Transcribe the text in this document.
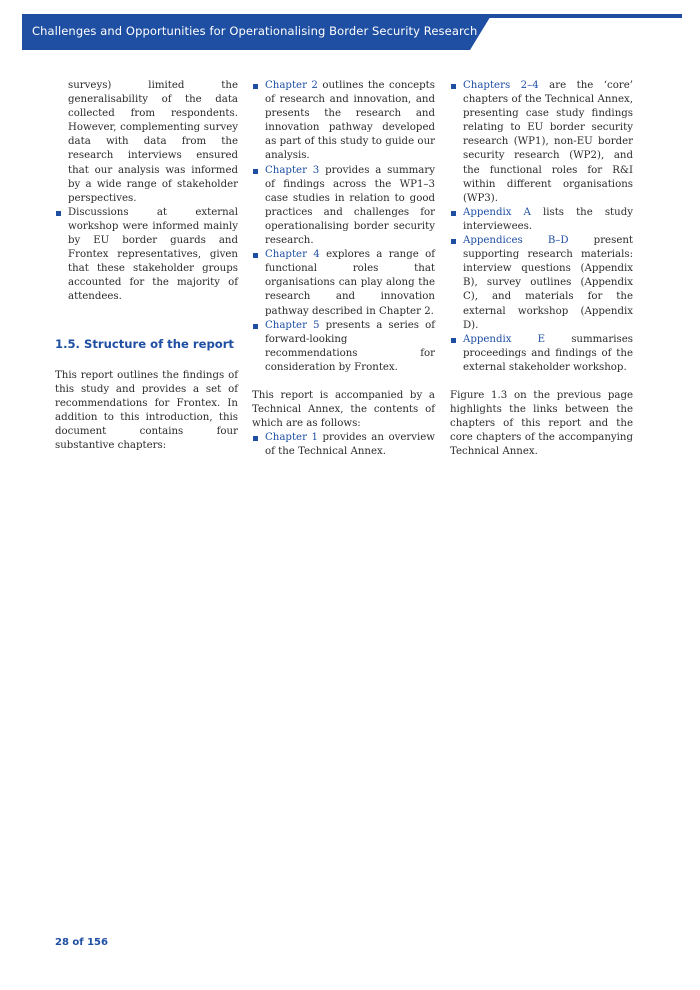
Challenges and Opportunities for Operationalising Border Security Research

surveys) limited the generalisability of the data collected from respondents. However, complementing survey data with data from the research interviews ensured that our analysis was informed by a wide range of stakeholder perspectives.

Discussions at external workshop were informed mainly by EU border guards and Frontex representatives, given that these stakeholder groups accounted for the majority of attendees.
1.5. Structure of the report

This report outlines the findings of this study and provides a set of recommendations for Frontex. In addition to this introduction, this document contains four substantive chapters:

Chapter 2 outlines the concepts of research and innovation, and presents the research and innovation pathway developed as part of this study to guide our analysis.
Chapter 3 provides a summary of findings across the WP1–3 case studies in relation to good practices and challenges for operationalising border security research.
Chapter 4 explores a range of functional roles that organisations can play along the research and innovation pathway described in Chapter 2.
Chapter 5 presents a series of forward-looking recommendations for consideration by Frontex.

This report is accompanied by a Technical Annex, the contents of which are as follows:

Chapter 1 provides an overview of the Technical Annex.
Chapters 2–4 are the ‘core’ chapters of the Technical Annex, presenting case study findings relating to EU border security research (WP1), non-EU border security research (WP2), and the functional roles for R&I within different organisations (WP3).
Appendix A lists the study interviewees.
Appendices B–D present supporting research materials: interview questions (Appendix B), survey outlines (Appendix C), and materials for the external workshop (Appendix D).
Appendix E summarises proceedings and findings of the external stakeholder workshop.

Figure 1.3 on the previous page highlights the links between the chapters of this report and the core chapters of the accompanying Technical Annex.

28 of 156
